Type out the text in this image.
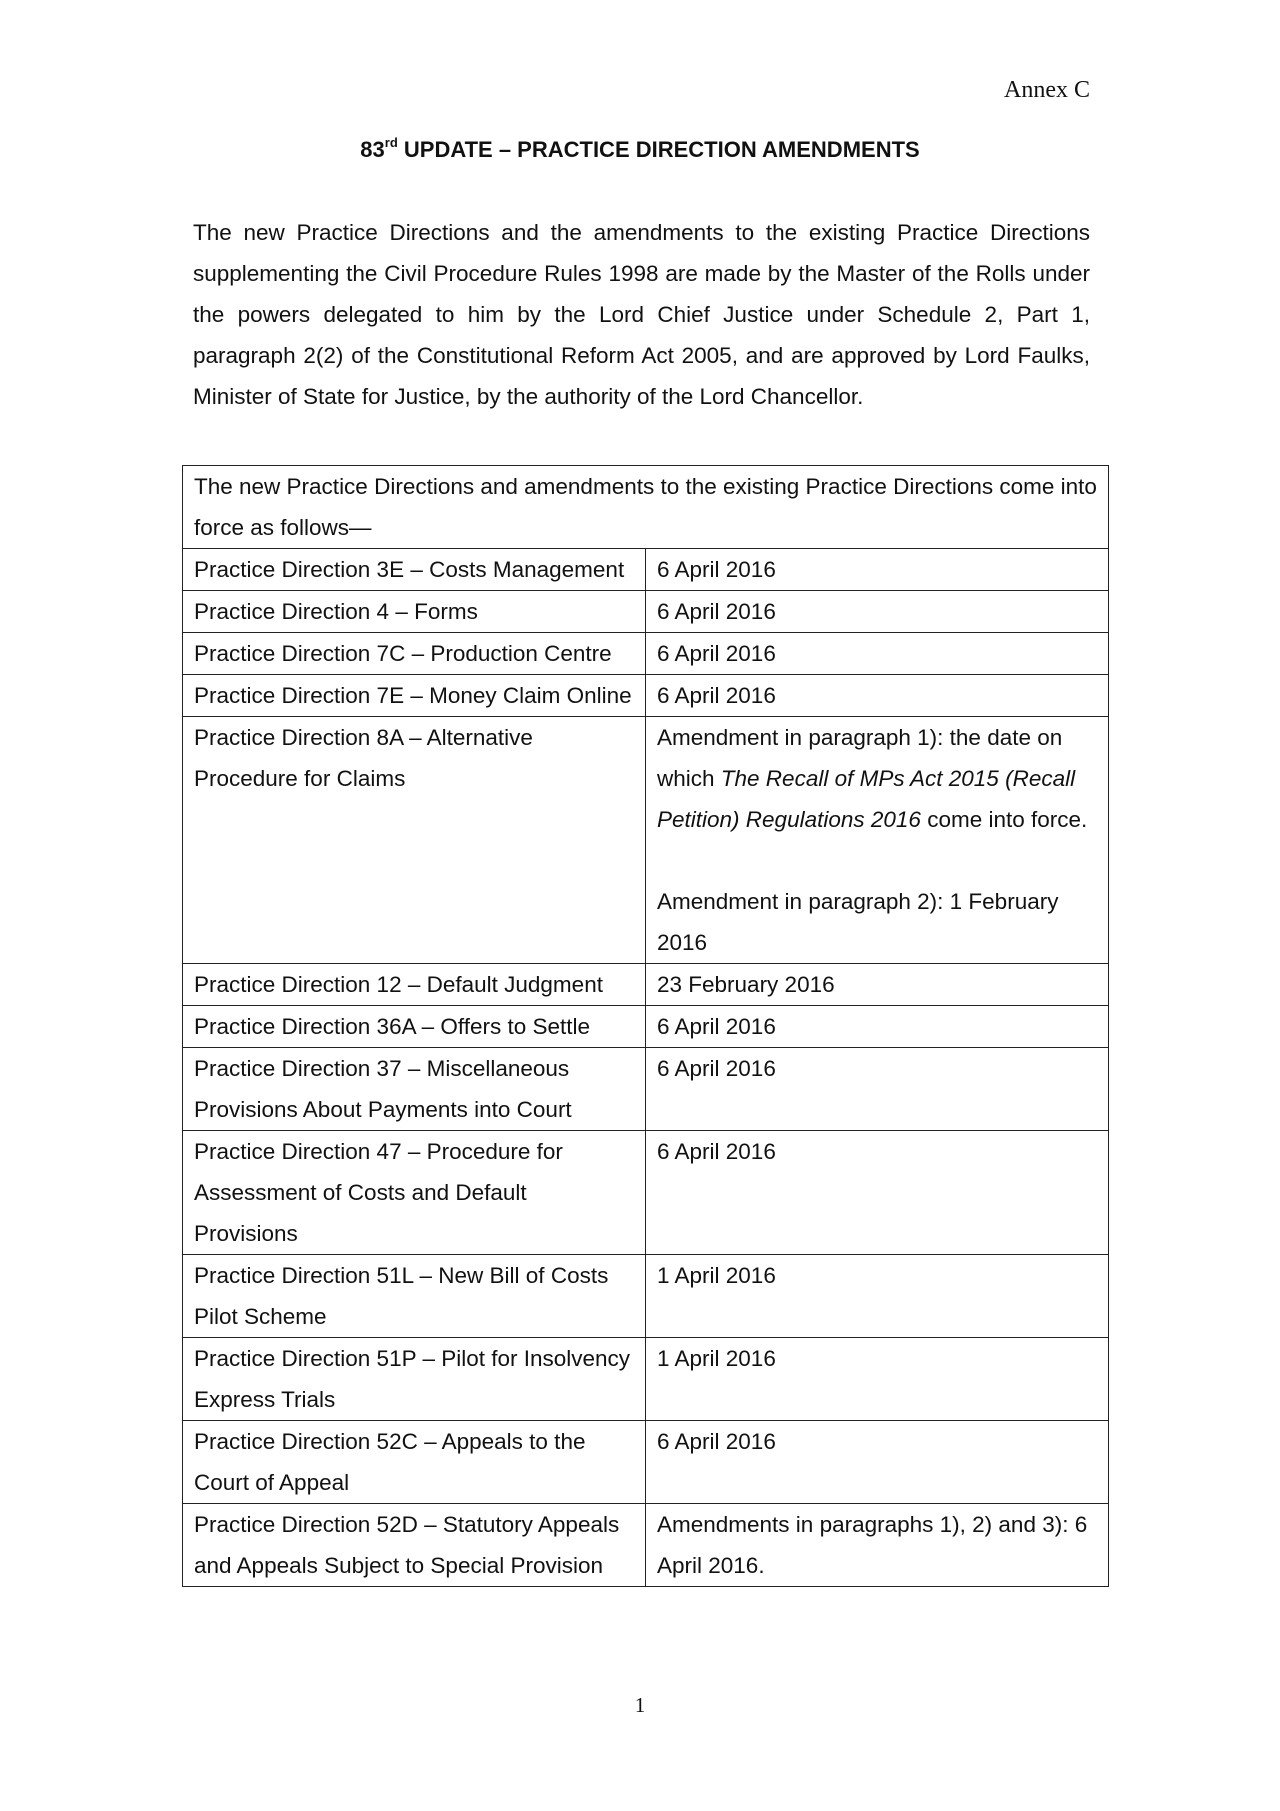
Annex C
83rd UPDATE – PRACTICE DIRECTION AMENDMENTS

The new Practice Directions and the amendments to the existing Practice Directions supplementing the Civil Procedure Rules 1998 are made by the Master of the Rolls under the powers delegated to him by the Lord Chief Justice under Schedule 2, Part 1, paragraph 2(2) of the Constitutional Reform Act 2005, and are approved by Lord Faulks, Minister of State for Justice, by the authority of the Lord Chancellor.

The new Practice Directions and amendments to the existing Practice Directions come into force as follows—	
Practice Direction 3E – Costs Management	6 April 2016
Practice Direction 4 – Forms	6 April 2016
Practice Direction 7C – Production Centre	6 April 2016
Practice Direction 7E – Money Claim Online	6 April 2016
Practice Direction 8A – Alternative Procedure for Claims	Amendment in paragraph 1): the date on which The Recall of MPs Act 2015 (Recall Petition) Regulations 2016 come into force.
Amendment in paragraph 2): 1 February 2016

Practice Direction 12 – Default Judgment	23 February 2016
Practice Direction 36A – Offers to Settle	6 April 2016
Practice Direction 37 – Miscellaneous Provisions About Payments into Court	6 April 2016
Practice Direction 47 – Procedure for Assessment of Costs and Default Provisions	6 April 2016
Practice Direction 51L – New Bill of Costs Pilot Scheme	1 April 2016
Practice Direction 51P – Pilot for Insolvency Express Trials	1 April 2016
Practice Direction 52C – Appeals to the Court of Appeal	6 April 2016
Practice Direction 52D – Statutory Appeals and Appeals Subject to Special Provision	Amendments in paragraphs 1), 2) and 3): 6 April 2016.
1
